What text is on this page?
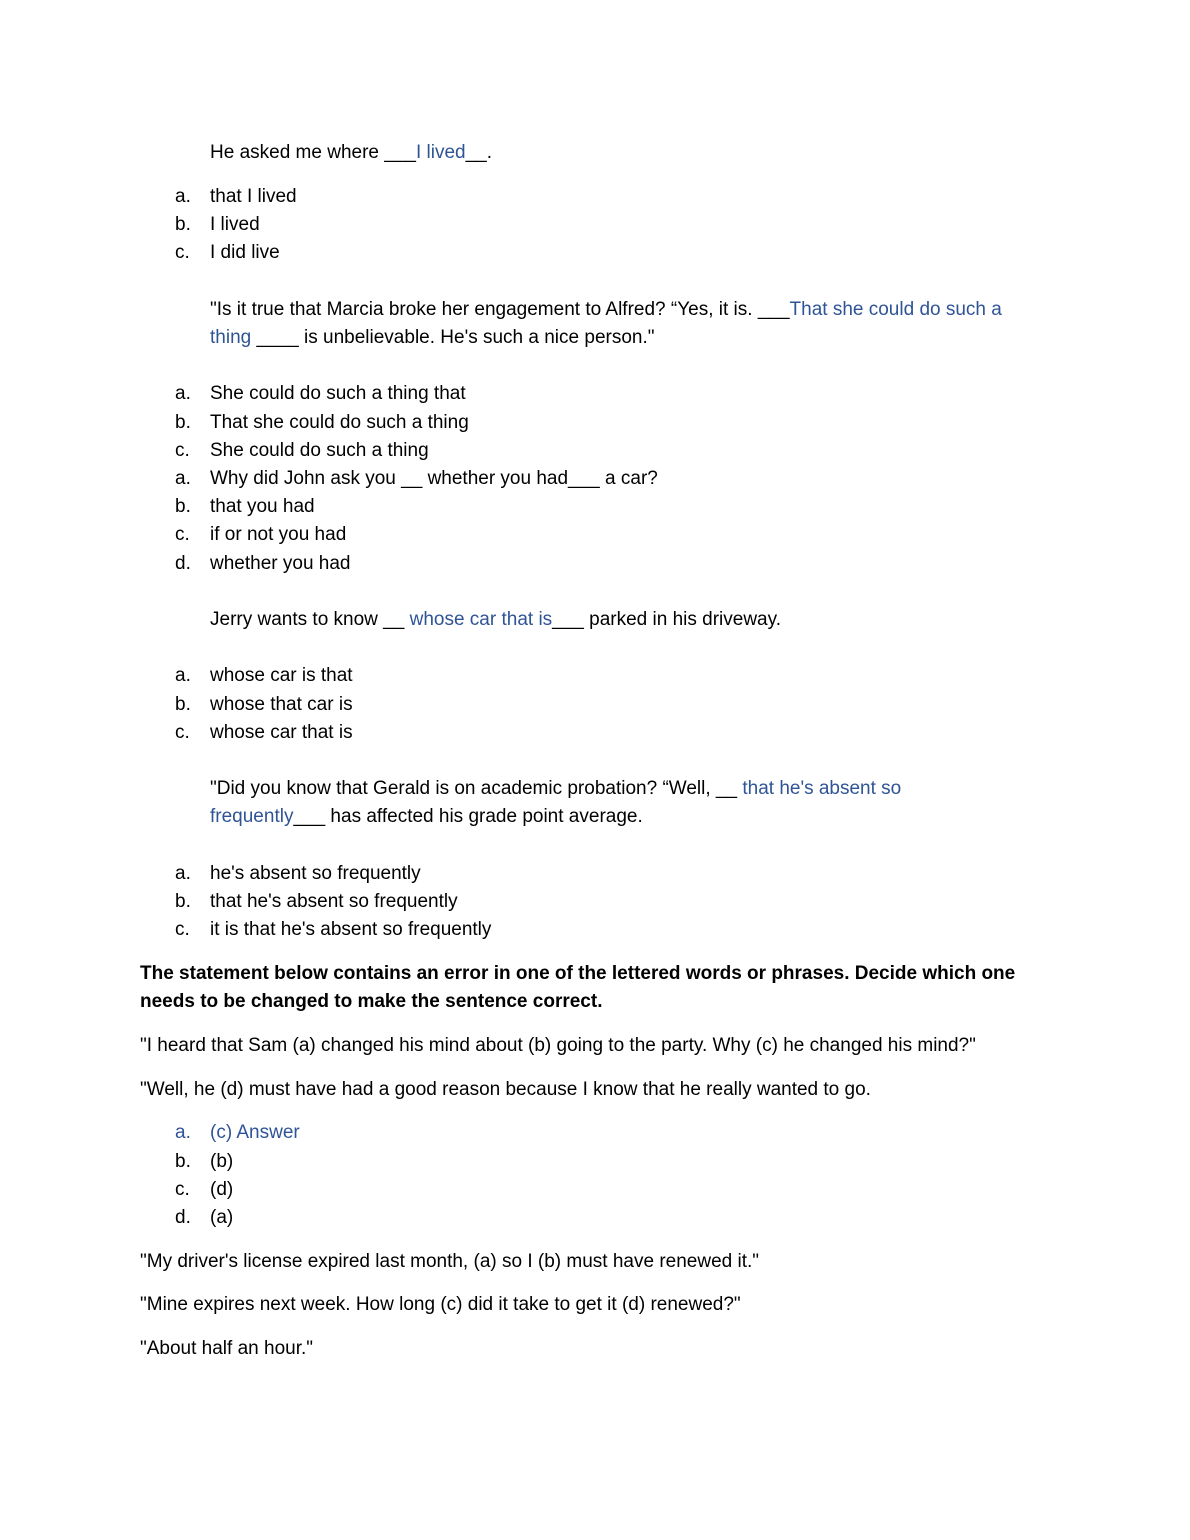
He asked me where ___I lived__.
a. that I lived
b. I lived
c. I did live
"Is it true that Marcia broke her engagement to Alfred? “Yes, it is. ___That she could do such a
thing ____ is unbelievable. He's such a nice person."
a. She could do such a thing that
b. That she could do such a thing
c. She could do such a thing
a. Why did John ask you __ whether you had___ a car?
b. that you had
c. if or not you had
d. whether you had
Jerry wants to know __ whose car that is___ parked in his driveway.
a. whose car is that
b. whose that car is
c. whose car that is
"Did you know that Gerald is on academic probation? “Well, __ that he's absent so
frequently___ has affected his grade point average.
a. he's absent so frequently
b. that he's absent so frequently
c. it is that he's absent so frequently
The statement below contains an error in one of the lettered words or phrases. Decide which one
needs to be changed to make the sentence correct.
"I heard that Sam (a) changed his mind about (b) going to the party. Why (c) he changed his mind?"
"Well, he (d) must have had a good reason because I know that he really wanted to go.
a. (c) Answer
b. (b)
c. (d)
d. (a)
"My driver's license expired last month, (a) so I (b) must have renewed it."
"Mine expires next week. How long (c) did it take to get it (d) renewed?"
"About half an hour."
